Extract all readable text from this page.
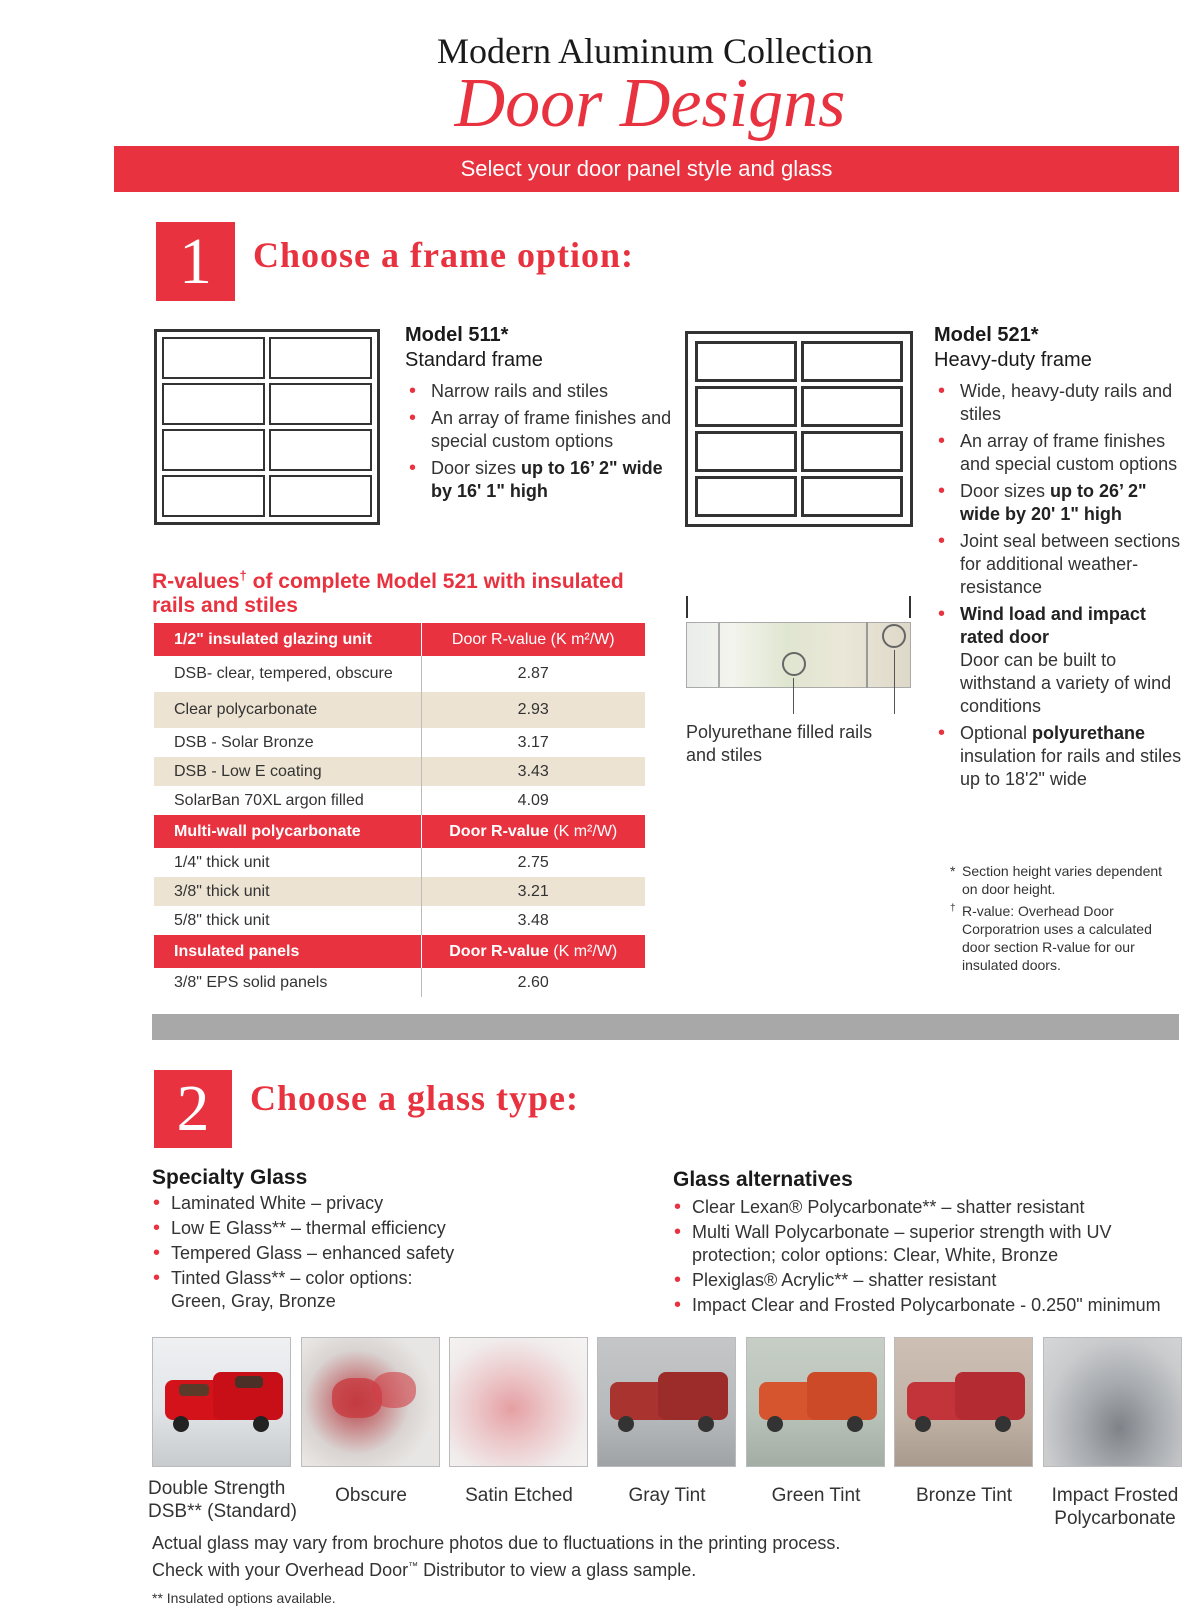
Modern Aluminum Collection
Door Designs
Select your door panel style and glass
1	Choose a frame option:
Model 511*
Standard frame
• Narrow rails and stiles
• An array of frame finishes and special custom options
• Door sizes up to 16’ 2" wide by 16' 1" high
Model 521*
Heavy-duty frame
• Wide, heavy-duty rails and stiles
• An array of frame finishes and special custom options
• Door sizes up to 26’ 2" wide by 20' 1" high
• Joint seal between sections for additional weather-resistance
• Wind load and impact rated door
Door can be built to withstand a variety of wind conditions
• Optional polyurethane insulation for rails and stiles up to 18'2" wide
R-values† of complete Model 521 with insulated rails and stiles
1/2" insulated glazing unit	Door R-value (K m²/W)
DSB- clear, tempered, obscure	2.87
Clear polycarbonate	2.93
DSB - Solar Bronze	3.17
DSB - Low E coating	3.43
SolarBan 70XL argon filled	4.09
Multi-wall polycarbonate	Door R-value (K m²/W)
1/4" thick unit	2.75
3/8" thick unit	3.21
5/8" thick unit	3.48
Insulated panels	Door R-value (K m²/W)
3/8" EPS solid panels	2.60
Polyurethane filled rails and stiles
* Section height varies dependent on door height.
† R-value: Overhead Door Corporatrion uses a calculated door section R-value for our insulated doors.
2	Choose a glass type:
Specialty Glass
• Laminated White – privacy
• Low E Glass** – thermal efficiency
• Tempered Glass – enhanced safety
• Tinted Glass** – color options: Green, Gray, Bronze
Glass alternatives
• Clear Lexan® Polycarbonate** – shatter resistant
• Multi Wall Polycarbonate – superior strength with UV protection; color options: Clear, White, Bronze
• Plexiglas® Acrylic** – shatter resistant
• Impact Clear and Frosted Polycarbonate - 0.250" minimum
Double Strength DSB** (Standard)
Obscure	Satin Etched	Gray Tint	Green Tint	Bronze Tint	Impact Frosted Polycarbonate
Actual glass may vary from brochure photos due to fluctuations in the printing process.
Check with your Overhead Door™ Distributor to view a glass sample.
** Insulated options available.
